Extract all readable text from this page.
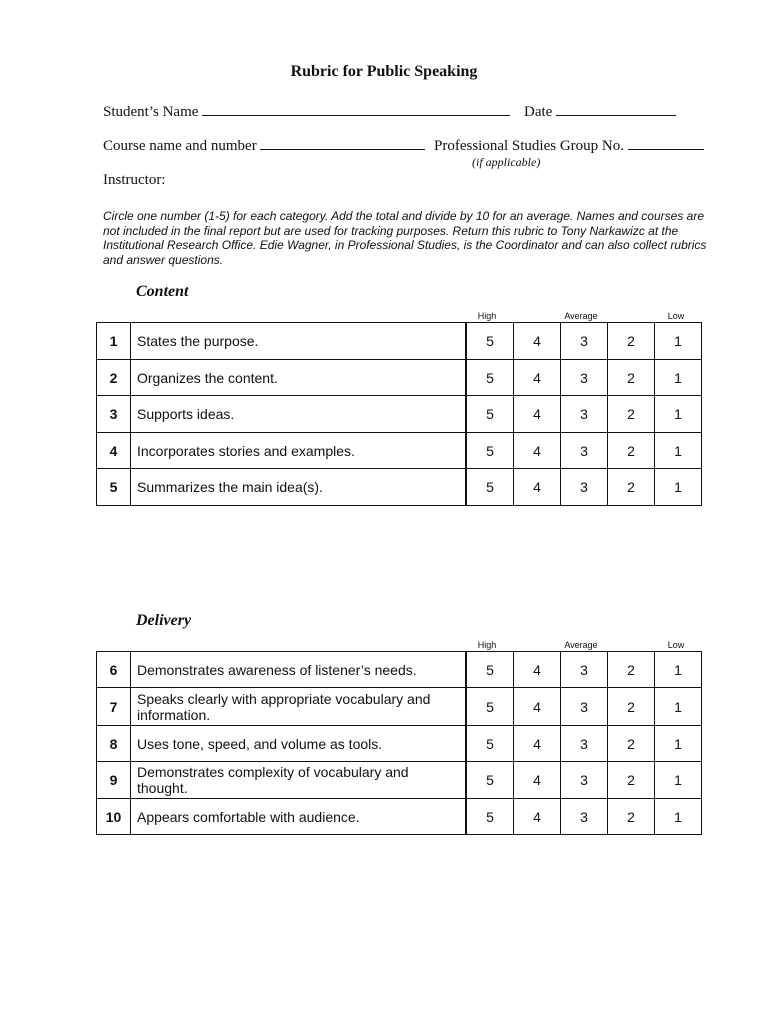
Rubric for Public Speaking
Student’s Name	Date
Course name and number	Professional Studies Group No.
(if applicable)
Instructor:
Circle one number (1-5) for each category. Add the total and divide by 10 for an average. Names and courses are not included in the final report but are used for tracking purposes. Return this rubric to Tony Narkawizc at the Institutional Research Office. Edie Wagner, in Professional Studies, is the Coordinator and can also collect rubrics and answer questions.
Content
High	Average	Low
1	States the purpose.	5	4	3	2	1
2	Organizes the content.	5	4	3	2	1
3	Supports ideas.	5	4	3	2	1
4	Incorporates stories and examples.	5	4	3	2	1
5	Summarizes the main idea(s).	5	4	3	2	1
Delivery
High	Average	Low
6	Demonstrates awareness of listener’s needs.	5	4	3	2	1
7	Speaks clearly with appropriate vocabulary and information.	5	4	3	2	1
8	Uses tone, speed, and volume as tools.	5	4	3	2	1
9	Demonstrates complexity of vocabulary and thought.	5	4	3	2	1
10	Appears comfortable with audience.	5	4	3	2	1
